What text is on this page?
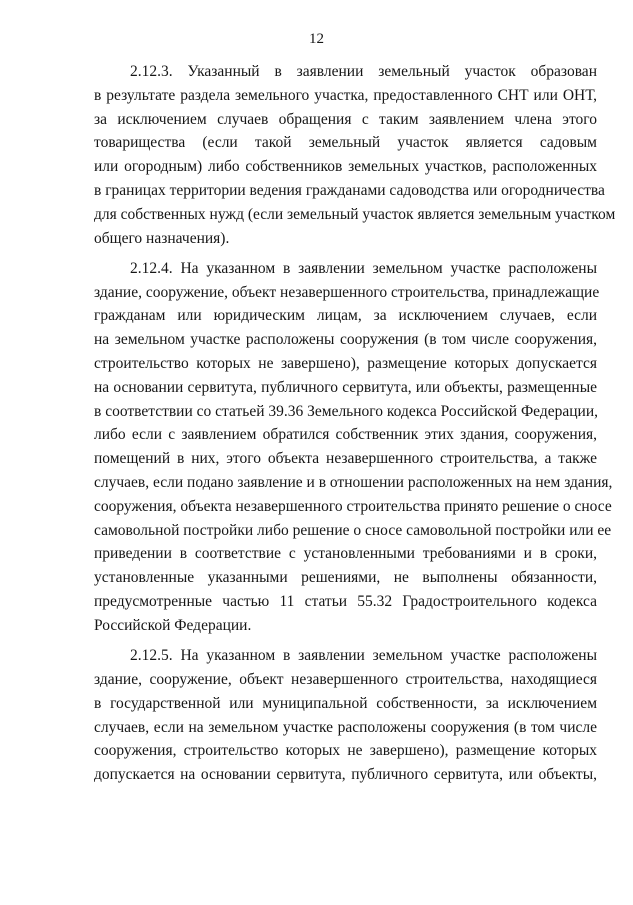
12
2.12.3. Указанный в заявлении земельный участок образован
в результате раздела земельного участка, предоставленного СНТ или ОНТ,
за исключением случаев обращения с таким заявлением члена этого
товарищества (если такой земельный участок является садовым
или огородным) либо собственников земельных участков, расположенных
в границах территории ведения гражданами садоводства или огородничества
для собственных нужд (если земельный участок является земельным участком
общего назначения).
2.12.4. На указанном в заявлении земельном участке расположены
здание, сооружение, объект незавершенного строительства, принадлежащие
гражданам или юридическим лицам, за исключением случаев, если
на земельном участке расположены сооружения (в том числе сооружения,
строительство которых не завершено), размещение которых допускается
на основании сервитута, публичного сервитута, или объекты, размещенные
в соответствии со статьей 39.36 Земельного кодекса Российской Федерации,
либо если с заявлением обратился собственник этих здания, сооружения,
помещений в них, этого объекта незавершенного строительства, а также
случаев, если подано заявление и в отношении расположенных на нем здания,
сооружения, объекта незавершенного строительства принято решение о сносе
самовольной постройки либо решение о сносе самовольной постройки или ее
приведении в соответствие с установленными требованиями и в сроки,
установленные указанными решениями, не выполнены обязанности,
предусмотренные частью 11 статьи 55.32 Градостроительного кодекса
Российской Федерации.
2.12.5. На указанном в заявлении земельном участке расположены
здание, сооружение, объект незавершенного строительства, находящиеся
в государственной или муниципальной собственности, за исключением
случаев, если на земельном участке расположены сооружения (в том числе
сооружения, строительство которых не завершено), размещение которых
допускается на основании сервитута, публичного сервитута, или объекты,
